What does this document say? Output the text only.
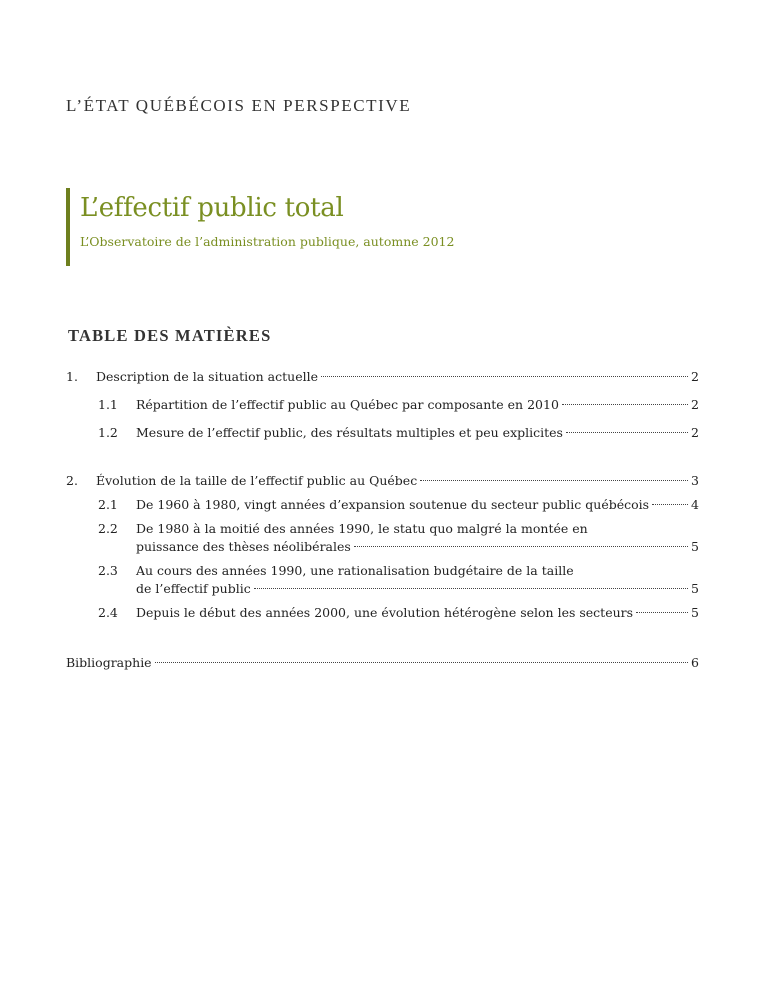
L’ÉTAT QUÉBÉCOIS EN PERSPECTIVE
L’effectif public total
L’Observatoire de l’administration publique, automne 2012
TABLE DES MATIÈRES
1.	Description de la situation actuelle	2
1.1	Répartition de l’effectif public au Québec par composante en 2010	2
1.2	Mesure de l’effectif public, des résultats multiples et peu explicites	2
2.	Évolution de la taille de l’effectif public au Québec	3
2.1	De 1960 à 1980, vingt années d’expansion soutenue du secteur public québécois	4
2.2	De 1980 à la moitié des années 1990, le statu quo malgré la montée en
puissance des thèses néolibérales	5
2.3	Au cours des années 1990, une rationalisation budgétaire de la taille
de l’effectif public	5
2.4	Depuis le début des années 2000, une évolution hétérogène selon les secteurs	5
Bibliographie	6
